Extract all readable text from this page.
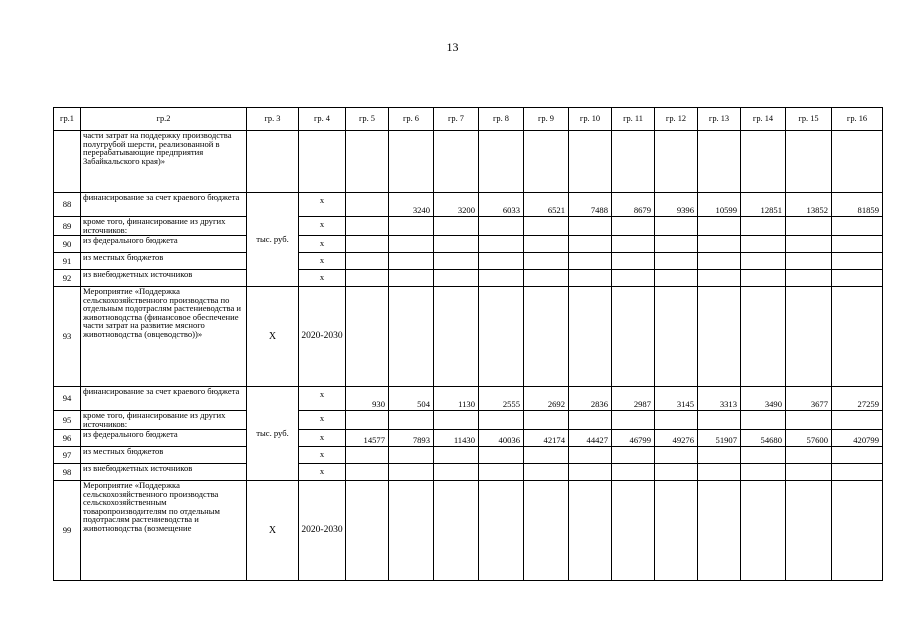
13
гр.1	гр.2	гр. 3	гр. 4	гр. 5	гр. 6	гр. 7	гр. 8	гр. 9	гр. 10	гр. 11	гр. 12	гр. 13	гр. 14	гр. 15	гр. 16
	части затрат на поддержку производства полугрубой шерсти, реализованной в перерабатывающие предприятия Забайкальского края)»														
88	финансирование за счет краевого бюджета	тыс. руб.	х		3240	3200	6033	6521	7488	8679	9396	10599	12851	13852	81859
89	кроме того, финансирование из других источников:		х												
90	из федерального бюджета		х												
91	из местных бюджетов		х												
92	из внебюджетных источников		х												
93	Мероприятие «Поддержка сельскохозяйственного производства по отдельным подотраслям растениеводства и животноводства (финансовое обеспечение части затрат на развитие мясного животноводства (овцеводство))»	Х	2020-2030												
94	финансирование за счет краевого бюджета	тыс. руб.	х	930	504	1130	2555	2692	2836	2987	3145	3313	3490	3677	27259
95	кроме того, финансирование из других источников:		х												
96	из федерального бюджета		х	14577	7893	11430	40036	42174	44427	46799	49276	51907	54680	57600	420799
97	из местных бюджетов		х												
98	из внебюджетных источников		х												
99	Мероприятие «Поддержка сельскохозяйственного производства сельскохозяйственным товаропроизводителям по отдельным подотраслям растениеводства и животноводства (возмещение	Х	2020-2030												
